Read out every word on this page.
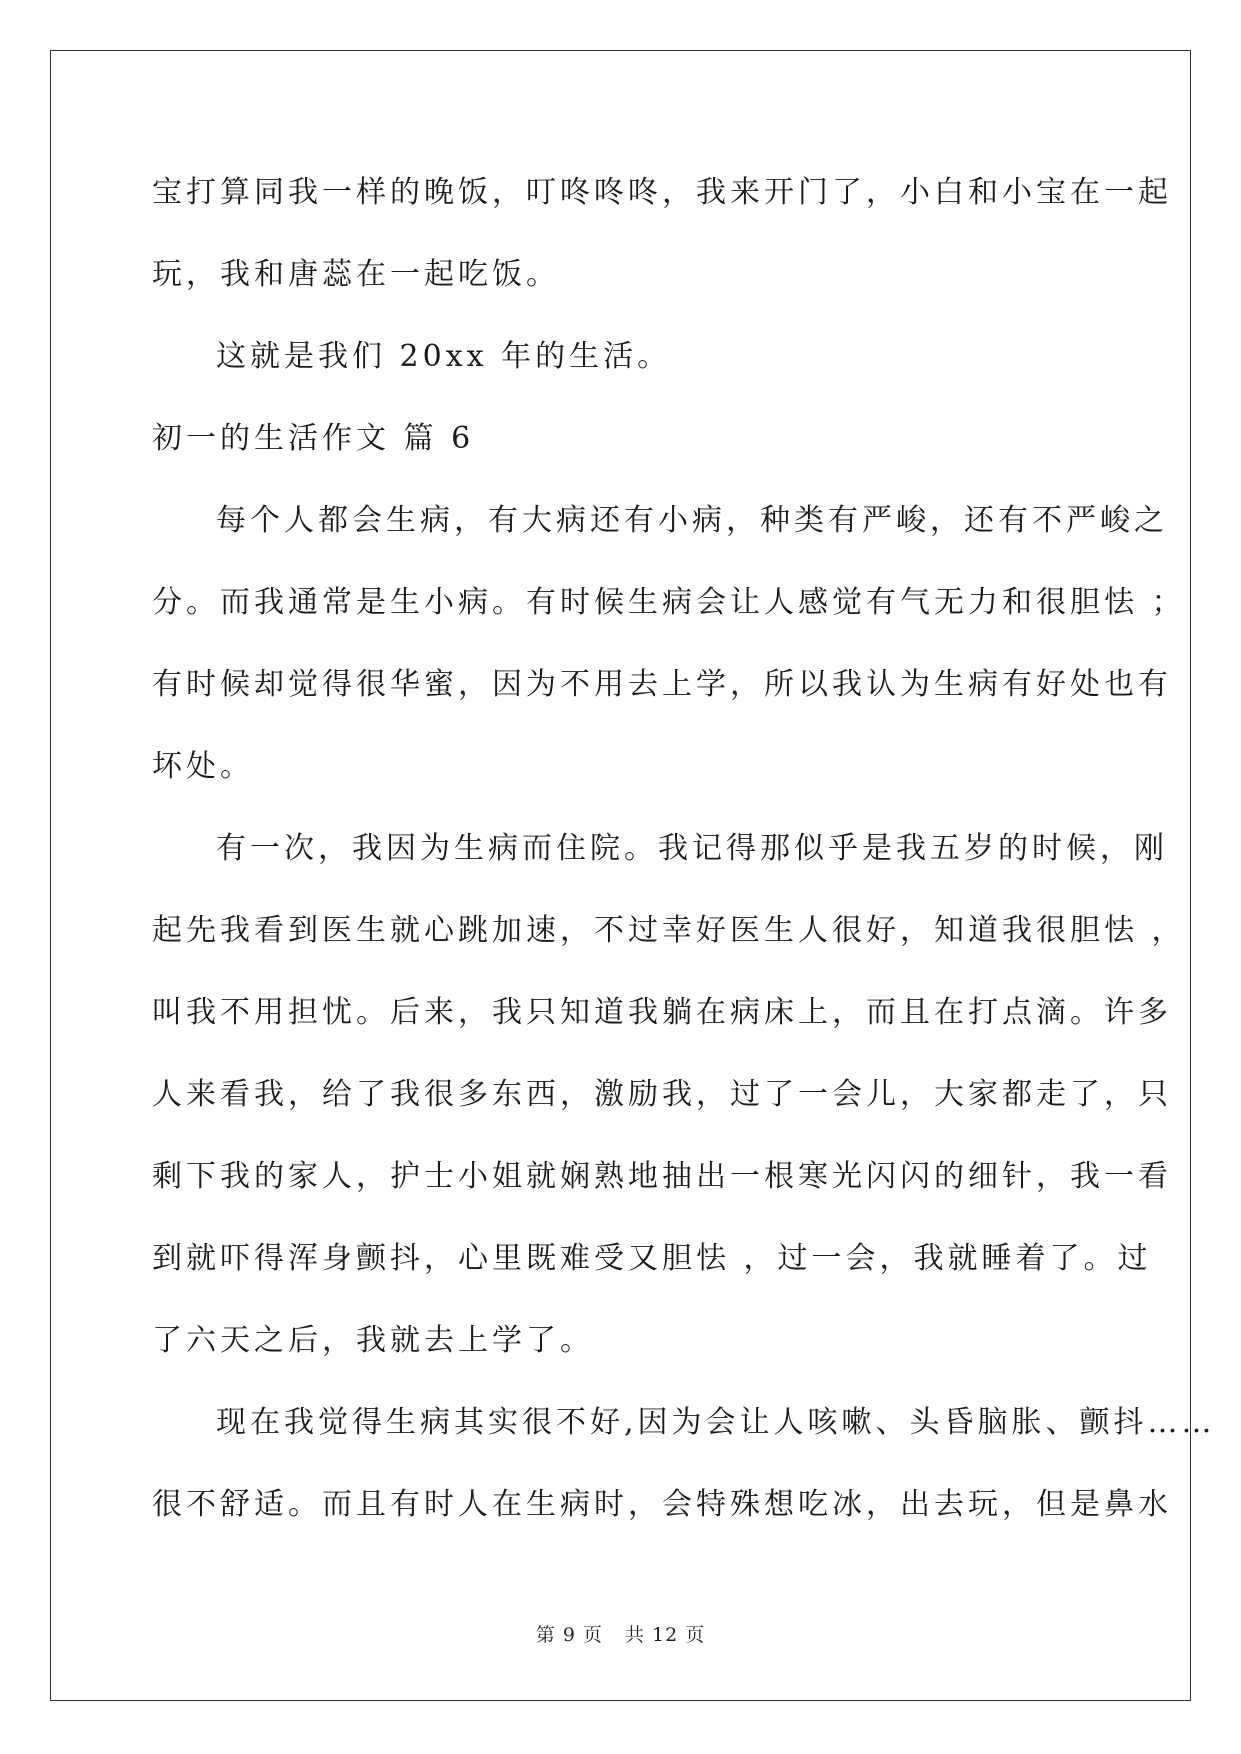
宝打算同我一样的晚饭，叮咚咚咚，我来开门了，小白和小宝在一起
玩，我和唐蕊在一起吃饭。
这就是我们 20xx 年的生活。
初一的生活作文 篇 6
每个人都会生病，有大病还有小病，种类有严峻，还有不严峻之
分。而我通常是生小病。有时候生病会让人感觉有气无力和很胆怯 ；
有时候却觉得很华蜜，因为不用去上学，所以我认为生病有好处也有
坏处。
有一次，我因为生病而住院。我记得那似乎是我五岁的时候，刚
起先我看到医生就心跳加速，不过幸好医生人很好，知道我很胆怯 ，
叫我不用担忧。后来，我只知道我躺在病床上，而且在打点滴。许多
人来看我，给了我很多东西，激励我，过了一会儿，大家都走了，只
剩下我的家人，护士小姐就娴熟地抽出一根寒光闪闪的细针，我一看
到就吓得浑身颤抖，心里既难受又胆怯 ，过一会，我就睡着了。过
了六天之后，我就去上学了。
现在我觉得生病其实很不好,因为会让人咳嗽、头昏脑胀、颤抖……
很不舒适。而且有时人在生病时，会特殊想吃冰，出去玩，但是鼻水
第 9 页 共 12 页
